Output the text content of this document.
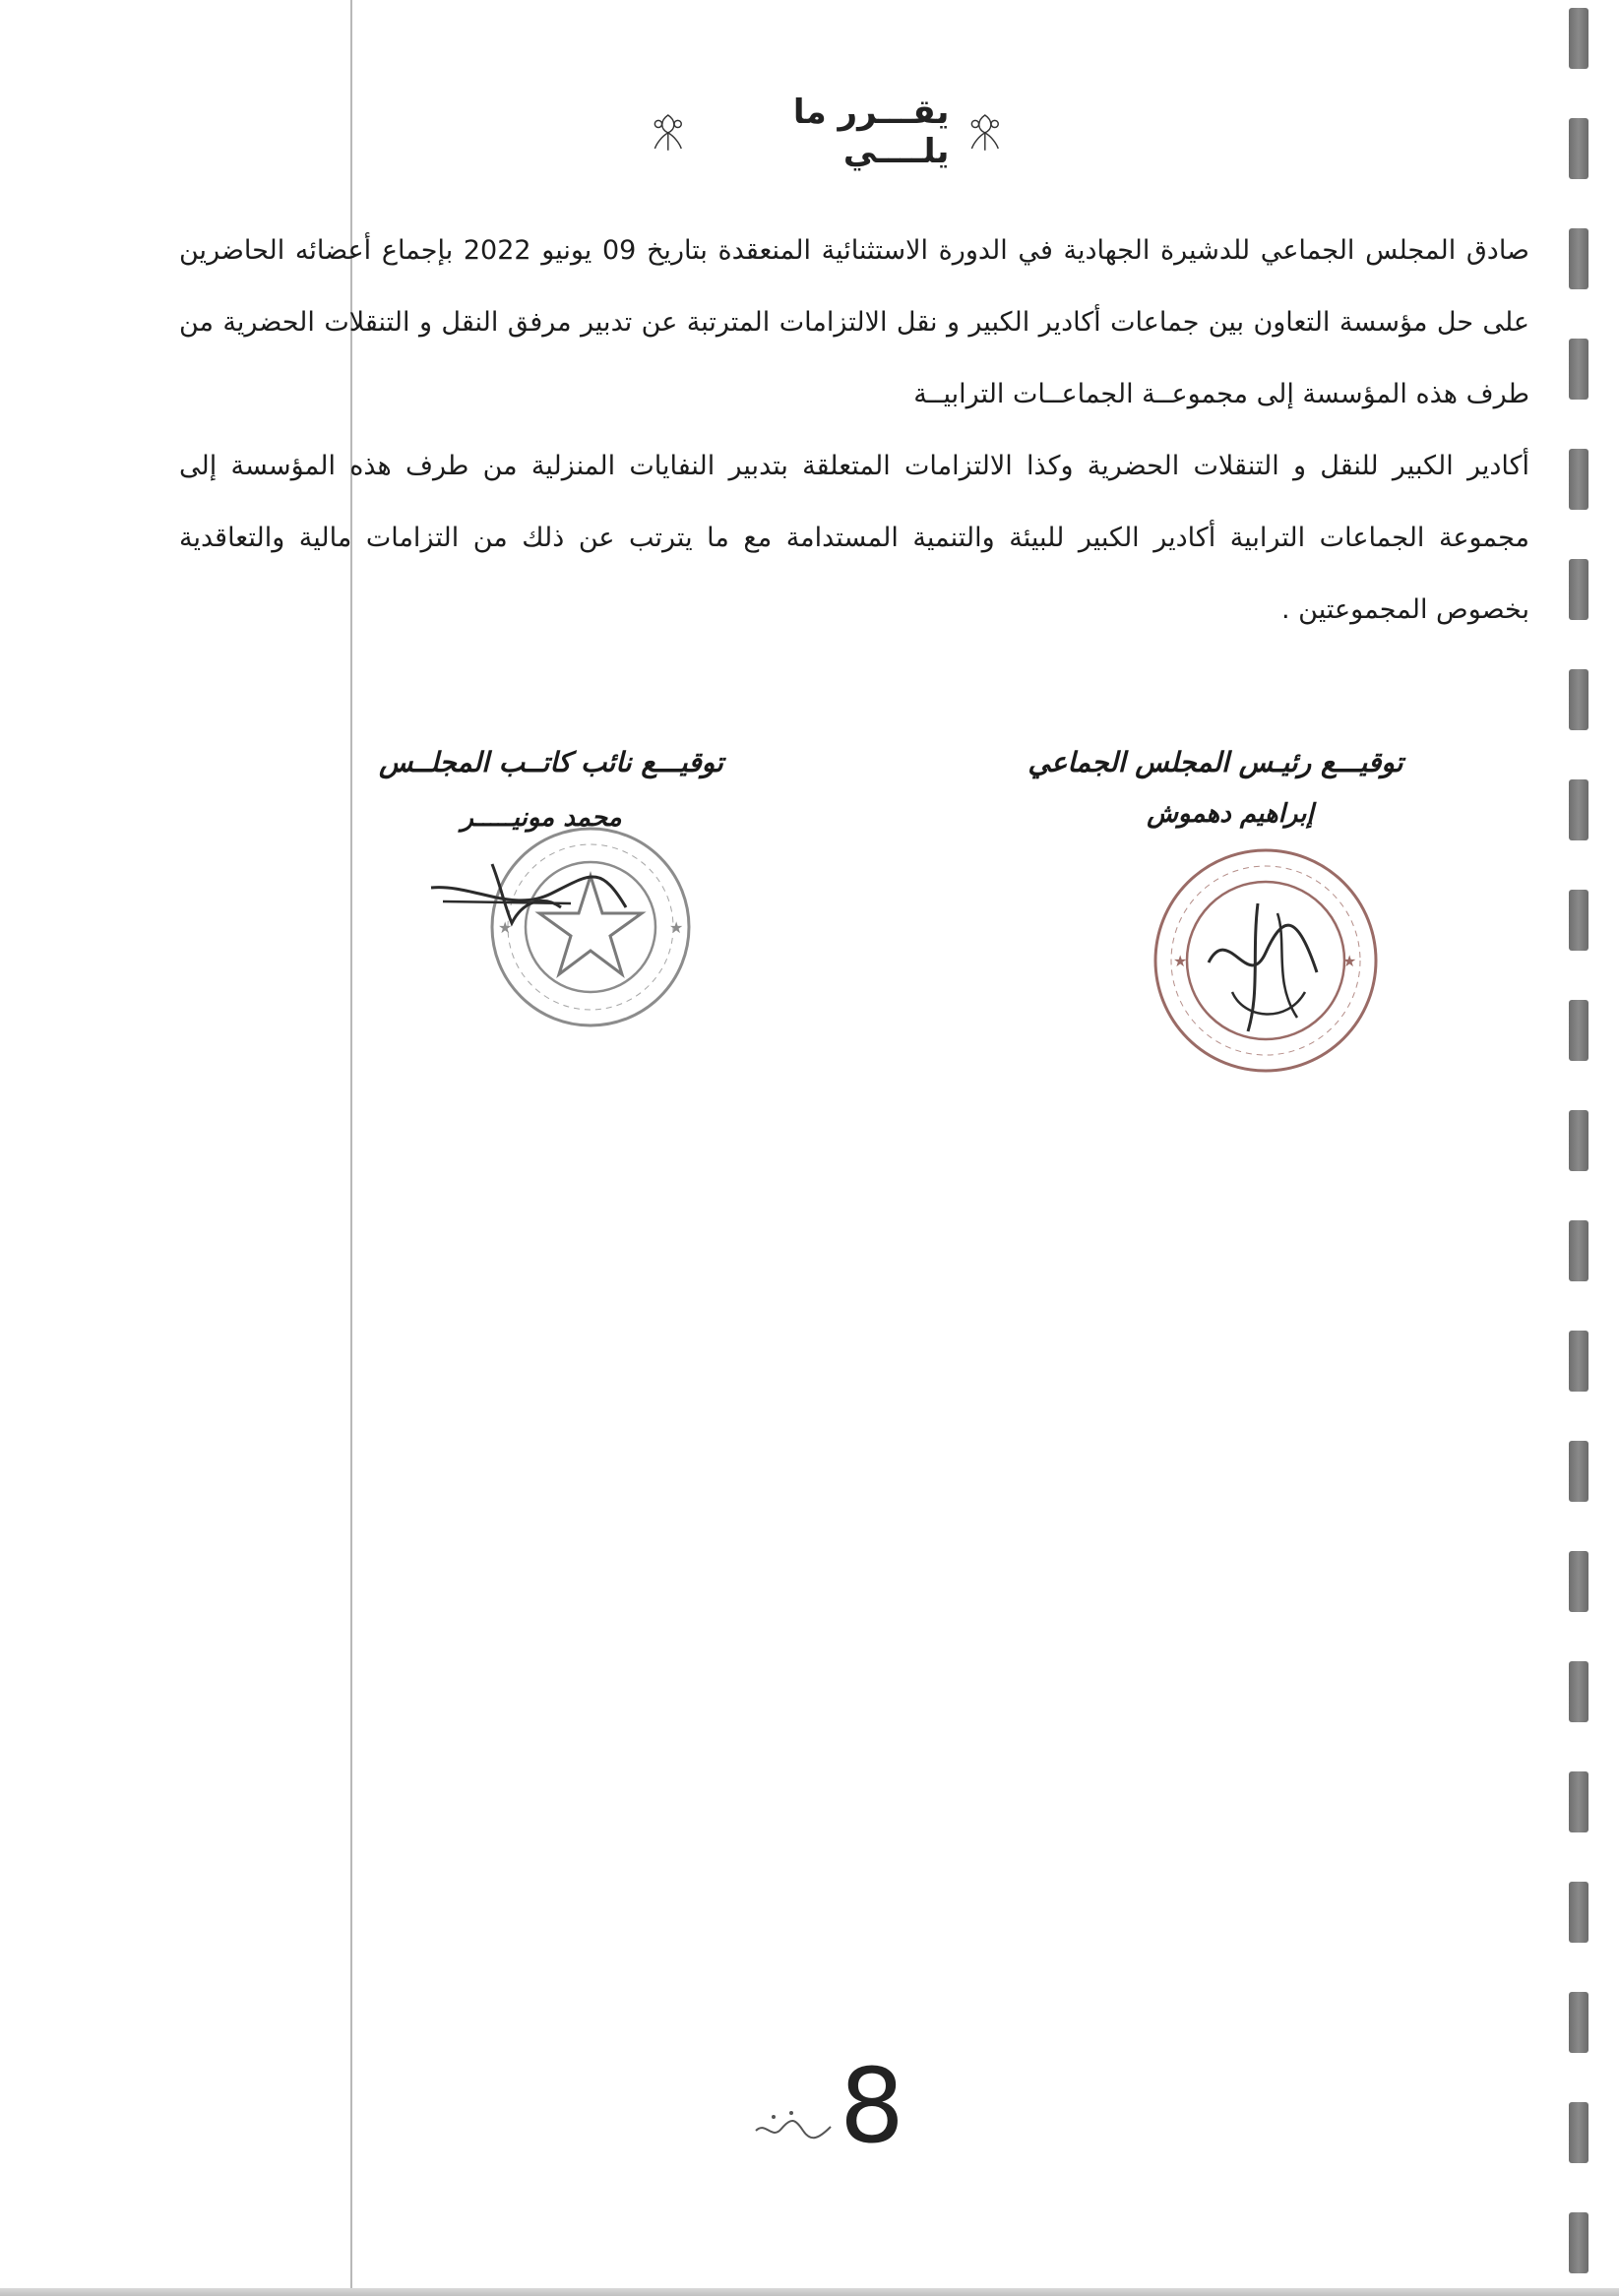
يقـــرر ما يلــــي

صادق المجلس الجماعي للدشيرة الجهادية في الدورة الاستثنائية المنعقدة بتاريخ 09 يونيو 2022 بإجماع أعضائه الحاضرين على حل مؤسسة التعاون بين جماعات أكادير الكبير و نقل الالتزامات المترتبة عن تدبير مرفق النقل و التنقلات الحضرية من طرف هذه المؤسسة إلى مجموعــة الجماعــات الترابيــة

أكادير الكبير للنقل و التنقلات الحضرية وكذا الالتزامات المتعلقة بتدبير النفايات المنزلية من طرف هذه المؤسسة إلى مجموعة الجماعات الترابية أكادير الكبير للبيئة والتنمية المستدامة مع ما يترتب عن ذلك من التزامات مالية والتعاقدية بخصوص المجموعتين .

توقيـــع رئيـس المجلس الجماعي
إبراهيم دهموش
★	★
توقيـــع نائب كاتــب المجلــس
محمد مونيـــــر
★	★
8
